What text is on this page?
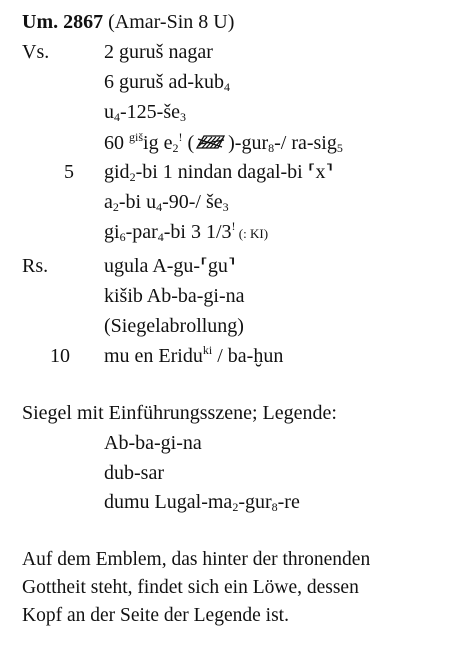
Um. 2867 (Amar-Sin 8 U)
Vs.	2 guruš nagar
6 guruš ad-kub$_4$
$u_4-125-še_3$
60 $^{giš}$ig $e_2^!$ ( )-gur$_8$-/ ra-sig$_5$
5 gid$_2$-bi 1 nindan dagal-bi ⸢x⸣
$a_2-bi$ $u_4-90-/$ $še_3$
$gi_6-par_4-bi$ 3 1/3! (: KI)
Rs.	ugula A-gu-⸢gu⸣
kišib Ab-ba-gi-na
(Siegelabrollung)
10 mu en Eridu$^{ki}$ / ba-ḫun
Siegel mit Einführungsszene; Legende:
Ab-ba-gi-na
dub-sar
dumu Lugal-$ma_2-gur_8-re$
Auf dem Emblem, das hinter der thronenden
Gottheit steht, findet sich ein Löwe, dessen
Kopf an der Seite der Legende ist.
